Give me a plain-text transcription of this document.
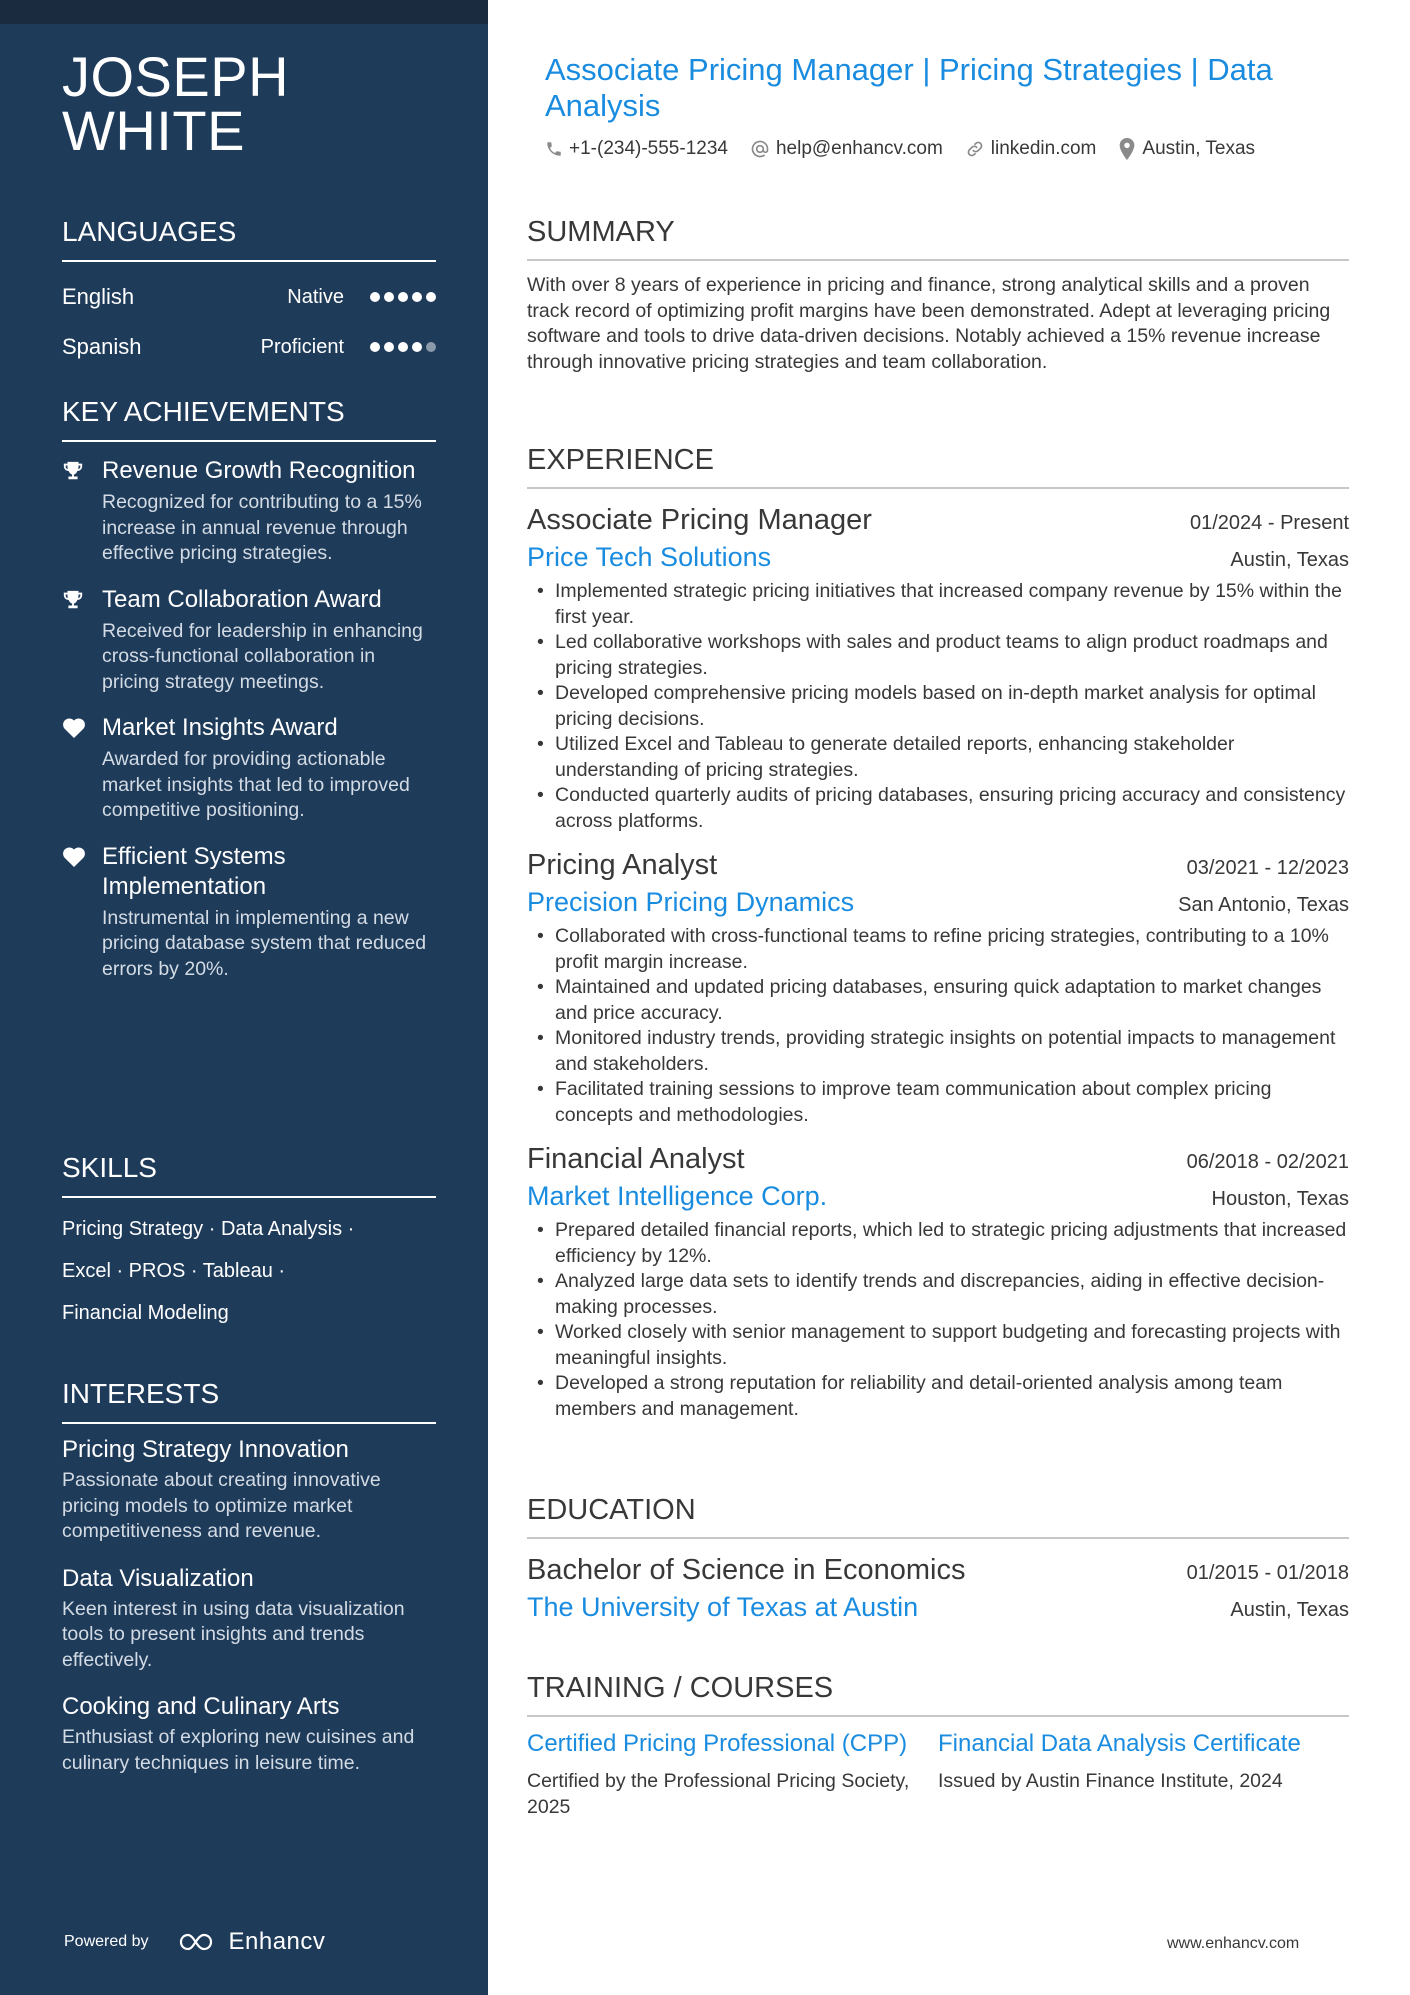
JOSEPH
WHITE
LANGUAGES
English	Native
Spanish	Proficient
KEY ACHIEVEMENTS
Revenue Growth Recognition
Recognized for contributing to a 15% increase in annual revenue through effective pricing strategies.
Team Collaboration Award
Received for leadership in enhancing cross-functional collaboration in pricing strategy meetings.
Market Insights Award
Awarded for providing actionable market insights that led to improved competitive positioning.
Efficient Systems Implementation
Instrumental in implementing a new pricing database system that reduced errors by 20%.
SKILLS
Pricing Strategy · Data Analysis ·
Excel · PROS · Tableau ·
Financial Modeling
INTERESTS
Pricing Strategy Innovation
Passionate about creating innovative pricing models to optimize market competitiveness and revenue.
Data Visualization
Keen interest in using data visualization tools to present insights and trends effectively.
Cooking and Culinary Arts
Enthusiast of exploring new cuisines and culinary techniques in leisure time.
Powered by	Enhancv
Associate Pricing Manager | Pricing Strategies | Data Analysis
+1-(234)-555-1234	help@enhancv.com	linkedin.com Austin, Texas
SUMMARY

With over 8 years of experience in pricing and finance, strong analytical skills and a proven track record of optimizing profit margins have been demonstrated. Adept at leveraging pricing software and tools to drive data-driven decisions. Notably achieved a 15% revenue increase through innovative pricing strategies and team collaboration.

EXPERIENCE
Associate Pricing Manager	01/2024 - Present
Price Tech Solutions	Austin, Texas
• Implemented strategic pricing initiatives that increased company revenue by 15% within the first year.
• Led collaborative workshops with sales and product teams to align product roadmaps and pricing strategies.
• Developed comprehensive pricing models based on in-depth market analysis for optimal pricing decisions.
• Utilized Excel and Tableau to generate detailed reports, enhancing stakeholder understanding of pricing strategies.
• Conducted quarterly audits of pricing databases, ensuring pricing accuracy and consistency across platforms.
Pricing Analyst	03/2021 - 12/2023
Precision Pricing Dynamics	San Antonio, Texas
• Collaborated with cross-functional teams to refine pricing strategies, contributing to a 10% profit margin increase.
• Maintained and updated pricing databases, ensuring quick adaptation to market changes and price accuracy.
• Monitored industry trends, providing strategic insights on potential impacts to management and stakeholders.
• Facilitated training sessions to improve team communication about complex pricing concepts and methodologies.
Financial Analyst	06/2018 - 02/2021
Market Intelligence Corp.	Houston, Texas
• Prepared detailed financial reports, which led to strategic pricing adjustments that increased efficiency by 12%.
• Analyzed large data sets to identify trends and discrepancies, aiding in effective decision-making processes.
• Worked closely with senior management to support budgeting and forecasting projects with meaningful insights.
• Developed a strong reputation for reliability and detail-oriented analysis among team members and management.
EDUCATION
Bachelor of Science in Economics	01/2015 - 01/2018
The University of Texas at Austin	Austin, Texas
TRAINING / COURSES
Certified Pricing Professional (CPP)
Certified by the Professional Pricing Society, 2025
Financial Data Analysis Certificate
Issued by Austin Finance Institute, 2024
www.enhancv.com
